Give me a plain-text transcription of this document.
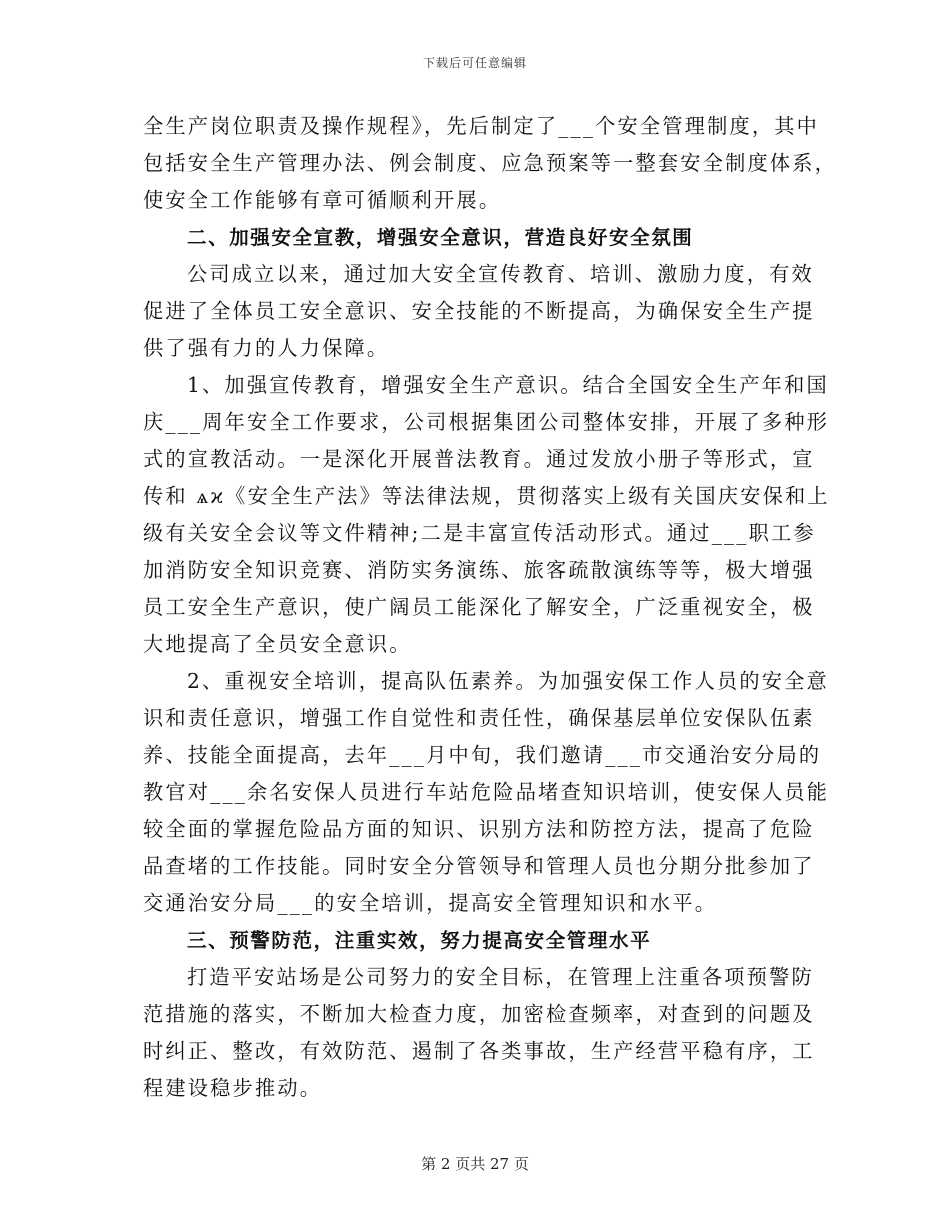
下载后可任意编辑
全生产岗位职责及操作规程》，先后制定了___个安全管理制度，其中
包括安全生产管理办法、例会制度、应急预案等一整套安全制度体系，
使安全工作能够有章可循顺利开展。
二、加强安全宣教，增强安全意识，营造良好安全氛围
公司成立以来，通过加大安全宣传教育、培训、激励力度，有效
促进了全体员工安全意识、安全技能的不断提高，为确保安全生产提
供了强有力的人力保障。
1、加强宣传教育，增强安全生产意识。结合全国安全生产年和国
庆___周年安全工作要求，公司根据集团公司整体安排，开展了多种形
式的宣教活动。一是深化开展普法教育。通过发放小册子等形式，宣
传和 ѧϰ《安全生产法》等法律法规，贯彻落实上级有关国庆安保和上
级有关安全会议等文件精神;二是丰富宣传活动形式。通过___职工参
加消防安全知识竞赛、消防实务演练、旅客疏散演练等等，极大增强
员工安全生产意识，使广阔员工能深化了解安全，广泛重视安全，极
大地提高了全员安全意识。
2、重视安全培训，提高队伍素养。为加强安保工作人员的安全意
识和责任意识，增强工作自觉性和责任性，确保基层单位安保队伍素
养、技能全面提高，去年___月中旬，我们邀请___市交通治安分局的
教官对___余名安保人员进行车站危险品堵查知识培训，使安保人员能
较全面的掌握危险品方面的知识、识别方法和防控方法，提高了危险
品查堵的工作技能。同时安全分管领导和管理人员也分期分批参加了
交通治安分局___的安全培训，提高安全管理知识和水平。
三、预警防范，注重实效，努力提高安全管理水平
打造平安站场是公司努力的安全目标，在管理上注重各项预警防
范措施的落实，不断加大检查力度，加密检查频率，对查到的问题及
时纠正、整改，有效防范、遏制了各类事故，生产经营平稳有序，工
程建设稳步推动。
第 2 页共 27 页
